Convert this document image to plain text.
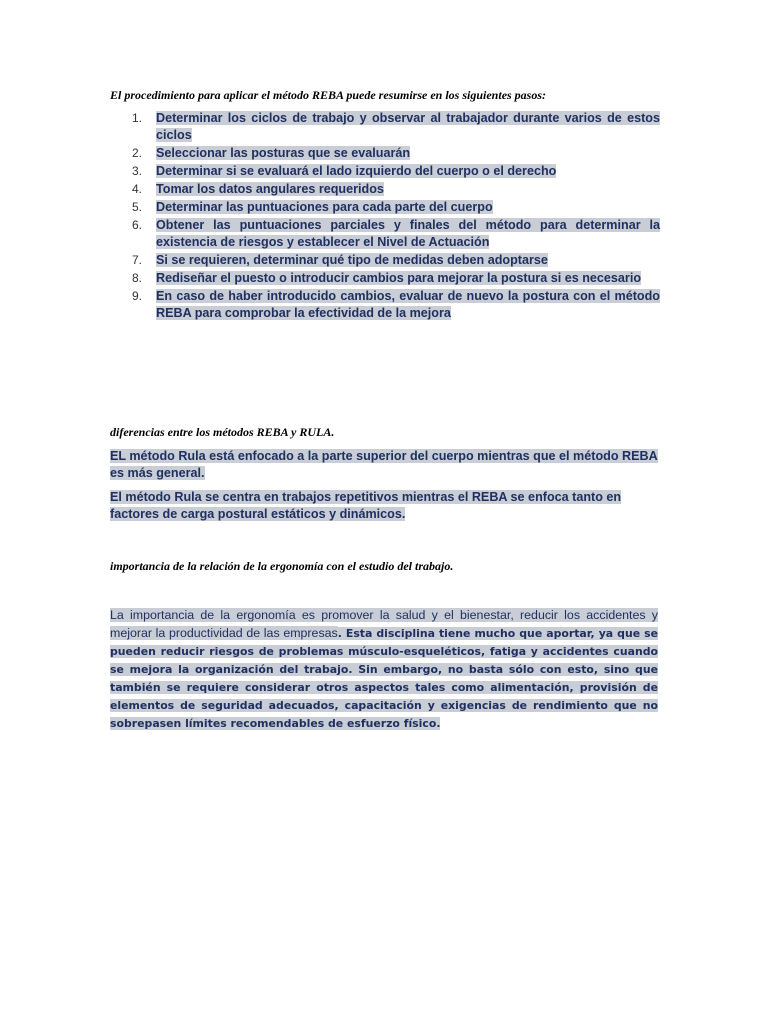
El procedimiento para aplicar el método REBA puede resumirse en los siguientes pasos:
1.	Determinar los ciclos de trabajo y observar al trabajador durante varios de estos ciclos
2.	Seleccionar las posturas que se evaluarán
3.	Determinar si se evaluará el lado izquierdo del cuerpo o el derecho
4.	Tomar los datos angulares requeridos
5.	Determinar las puntuaciones para cada parte del cuerpo
6.	Obtener las puntuaciones parciales y finales del método para determinar la existencia de riesgos y establecer el Nivel de Actuación
7.	Si se requieren, determinar qué tipo de medidas deben adoptarse
8.	Rediseñar el puesto o introducir cambios para mejorar la postura si es necesario
9.	En caso de haber introducido cambios, evaluar de nuevo la postura con el método REBA para comprobar la efectividad de la mejora
diferencias entre los métodos REBA y RULA.

EL método Rula está enfocado a la parte superior del cuerpo mientras que el método REBA es más general.

El método Rula se centra en trabajos repetitivos mientras el REBA se enfoca tanto en factores de carga postural estáticos y dinámicos.

importancia de la relación de la ergonomía con el estudio del trabajo.

La importancia de la ergonomía es promover la salud y el bienestar, reducir los accidentes y mejorar la productividad de las empresas. Esta disciplina tiene mucho que aportar, ya que se pueden reducir riesgos de problemas músculo-esqueléticos, fatiga y accidentes cuando se mejora la organización del trabajo. Sin embargo, no basta sólo con esto, sino que también se requiere considerar otros aspectos tales como alimentación, provisión de elementos de seguridad adecuados, capacitación y exigencias de rendimiento que no sobrepasen límites recomendables de esfuerzo físico.
